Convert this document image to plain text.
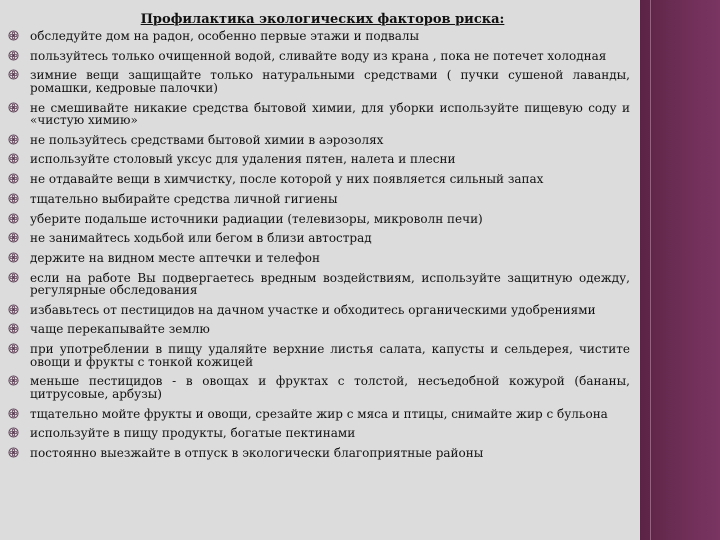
Профилактика экологических факторов риска:
обследуйте дом на радон, особенно первые этажи и подвалы
пользуйтесь только очищенной водой, сливайте воду из крана , пока не потечет холодная
зимние вещи защищайте только натуральными средствами ( пучки сушеной лаванды, ромашки, кедровые палочки)
не смешивайте никакие средства бытовой химии, для уборки используйте пищевую соду и «чистую химию»
не пользуйтесь средствами бытовой химии в аэрозолях
используйте столовый уксус для удаления пятен, налета и плесни
не отдавайте вещи в химчистку, после которой у них появляется сильный запах
тщательно выбирайте средства личной гигиены
уберите подальше источники радиации (телевизоры, микроволн печи)
не занимайтесь ходьбой или бегом в близи автострад
держите на видном месте аптечки и телефон
если на работе Вы подвергаетесь вредным воздействиям, используйте защитную одежду, регулярные обследования
избавьтесь от пестицидов на дачном участке и обходитесь органическими удобрениями
чаще перекапывайте землю
при употреблении в пищу удаляйте верхние листья салата, капусты и сельдерея, чистите овощи и фрукты с тонкой кожицей
меньше пестицидов - в овощах и фруктах с толстой, несъедобной кожурой (бананы, цитрусовые, арбузы)
тщательно мойте фрукты и овощи, срезайте жир с мяса и птицы, снимайте жир с бульона
используйте в пищу продукты, богатые пектинами
постоянно выезжайте в отпуск в экологически благоприятные районы
